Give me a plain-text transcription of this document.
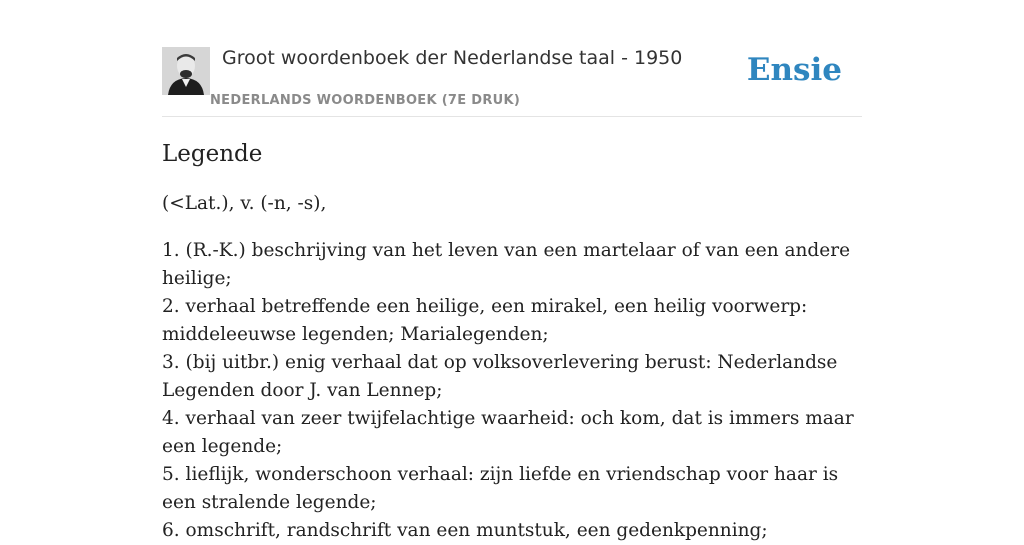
Groot woordenboek der Nederlandse taal - 1950
NEDERLANDS WOORDENBOEK (7E DRUK)
Ensie
Legende
(<Lat.), v. (-n, -s),
1. (R.-K.) beschrijving van het leven van een martelaar of van een andere heilige;
2. verhaal betreffende een heilige, een mirakel, een heilig voorwerp: middeleeuwse legenden; Marialegenden;
3. (bij uitbr.) enig verhaal dat op volksoverlevering berust: Nederlandse Legenden door J. van Lennep;
4. verhaal van zeer twijfelachtige waarheid: och kom, dat is immers maar een legende;
5. lieflijk, wonderschoon verhaal: zijn liefde en vriendschap voor haar is een stralende legende;
6. omschrift, randschrift van een muntstuk, een gedenkpenning;
